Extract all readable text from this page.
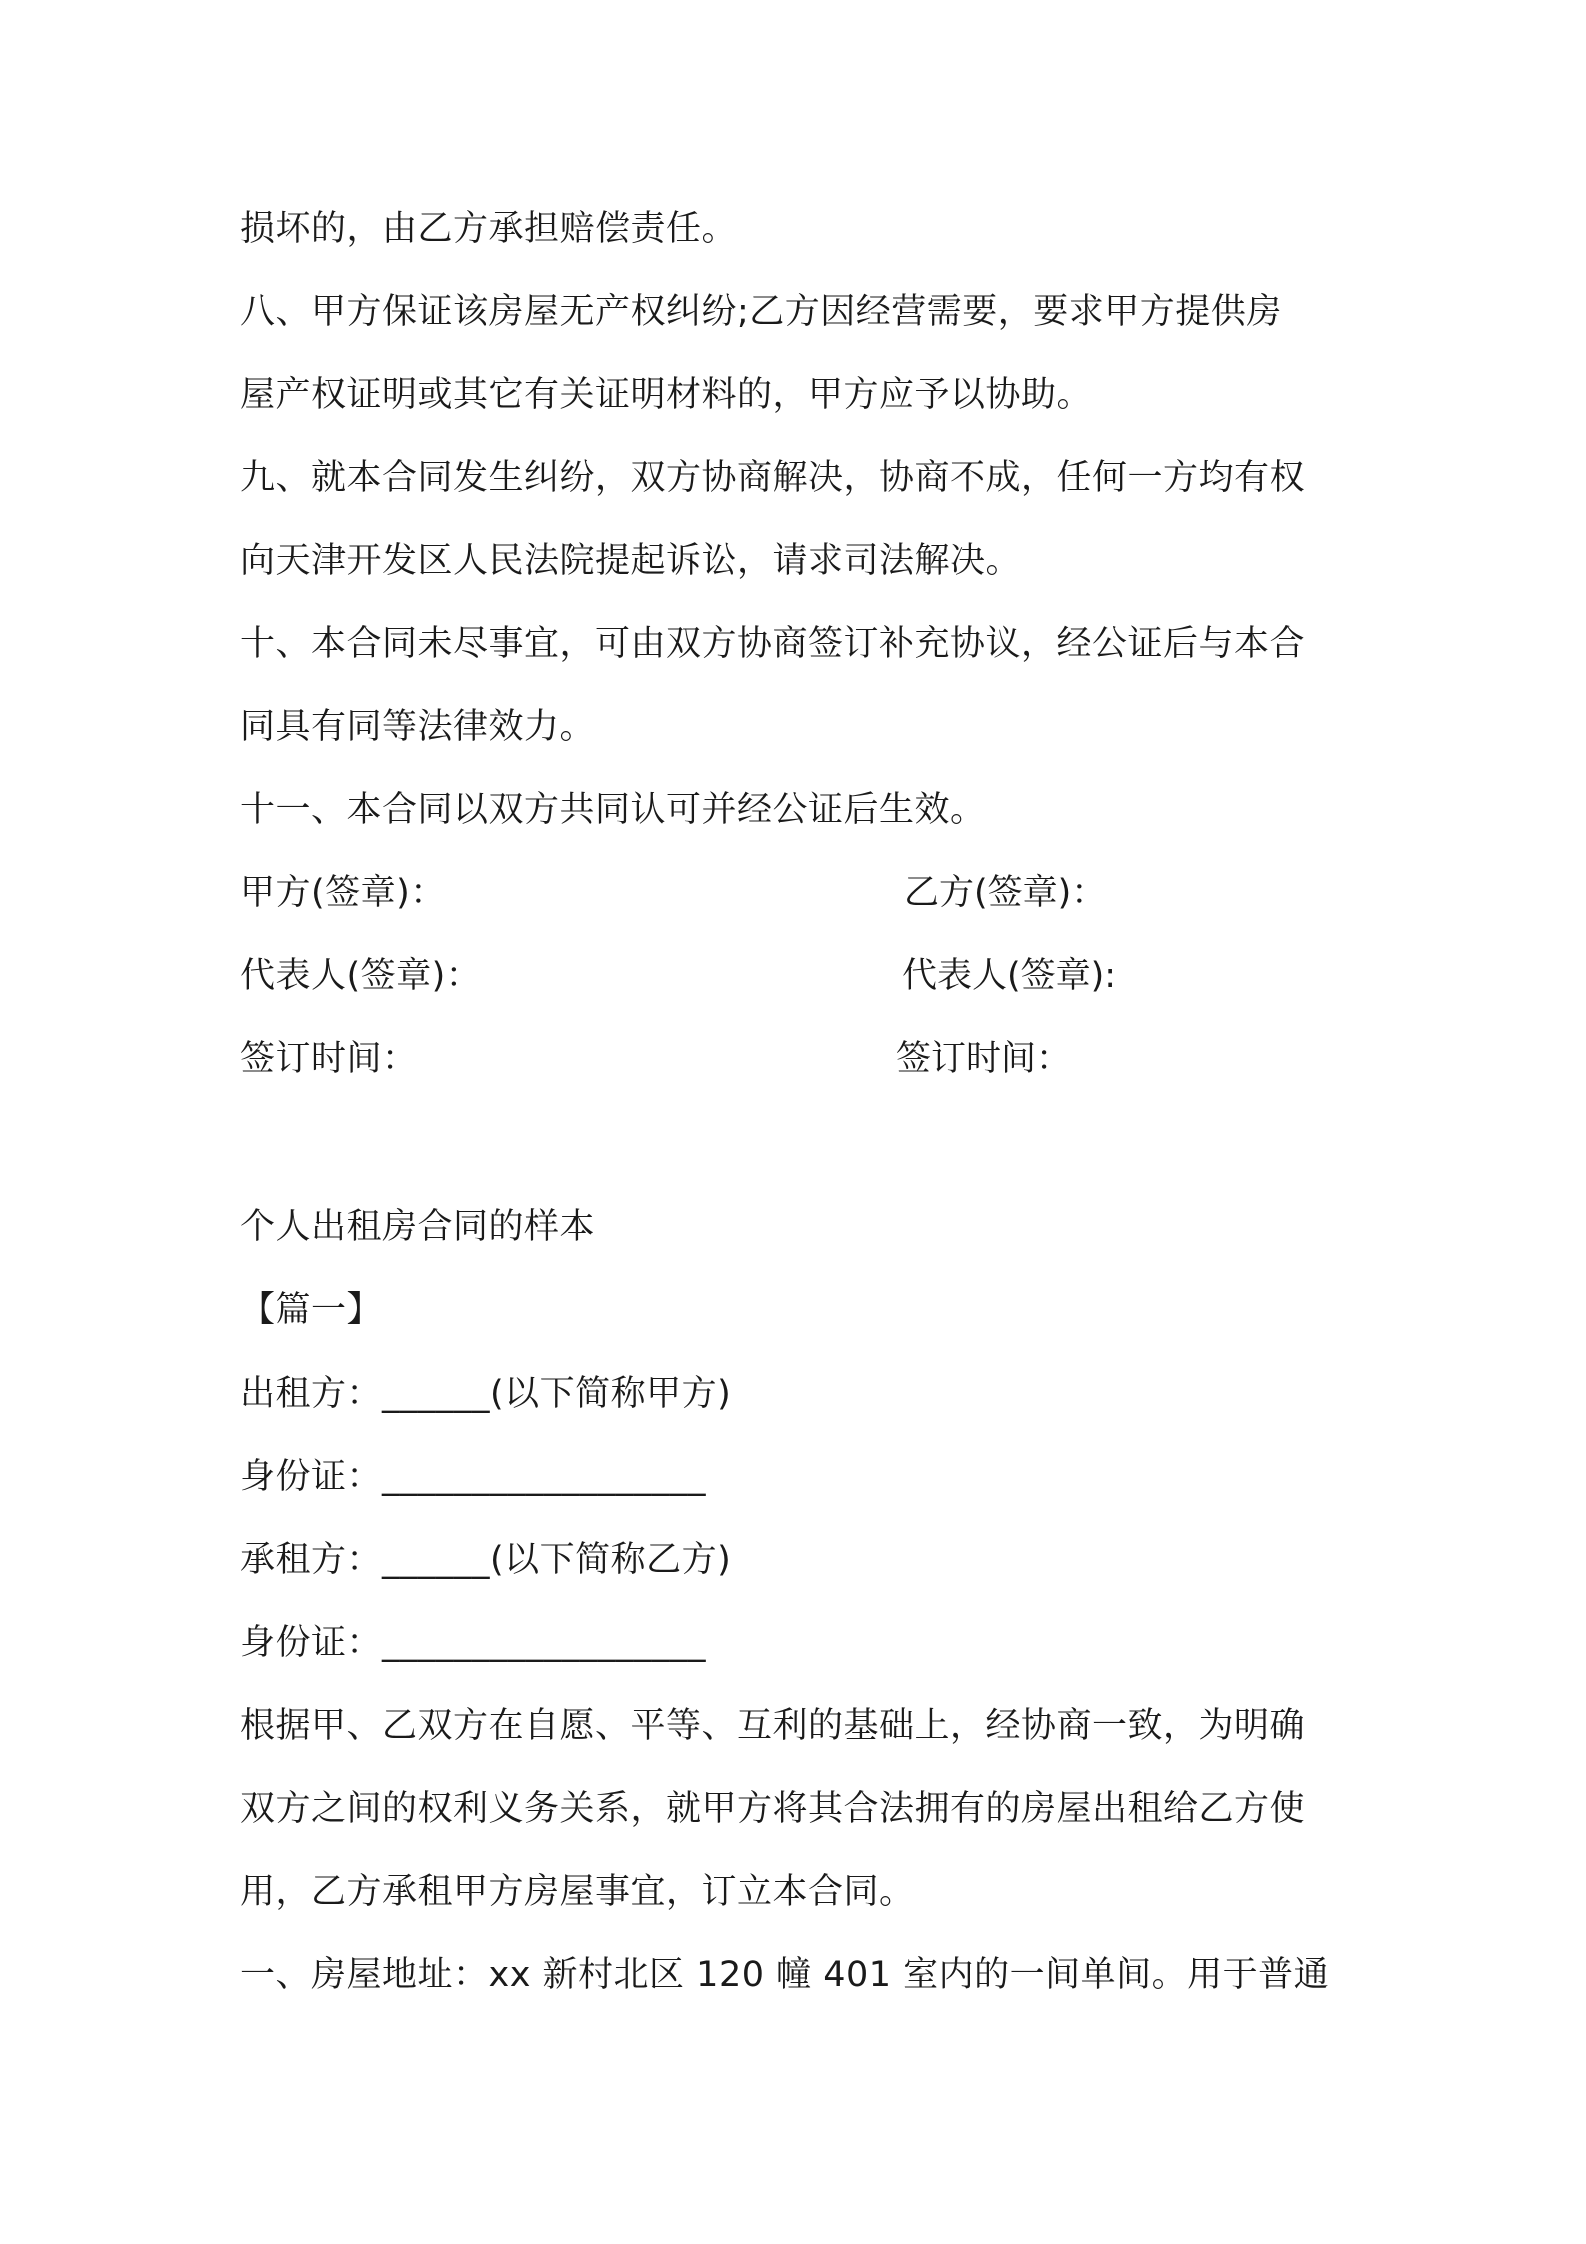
损坏的，由乙方承担赔偿责任。
八、甲方保证该房屋无产权纠纷;乙方因经营需要，要求甲方提供房
屋产权证明或其它有关证明材料的，甲方应予以协助。
九、就本合同发生纠纷，双方协商解决，协商不成，任何一方均有权
向天津开发区人民法院提起诉讼，请求司法解决。
十、本合同未尽事宜，可由双方协商签订补充协议，经公证后与本合
同具有同等法律效力。
十一、本合同以双方共同认可并经公证后生效。
甲方(签章)：	乙方(签章)：
代表人(签章)：	代表人(签章):
签订时间：	签订时间：
个人出租房合同的样本
【篇一】
出租方：______(以下简称甲方)
身份证：__________________
承租方：______(以下简称乙方)
身份证：__________________
根据甲、乙双方在自愿、平等、互利的基础上，经协商一致，为明确
双方之间的权利义务关系，就甲方将其合法拥有的房屋出租给乙方使
用，乙方承租甲方房屋事宜，订立本合同。
一、房屋地址：xx 新村北区 120 幢 401 室内的一间单间。用于普通
